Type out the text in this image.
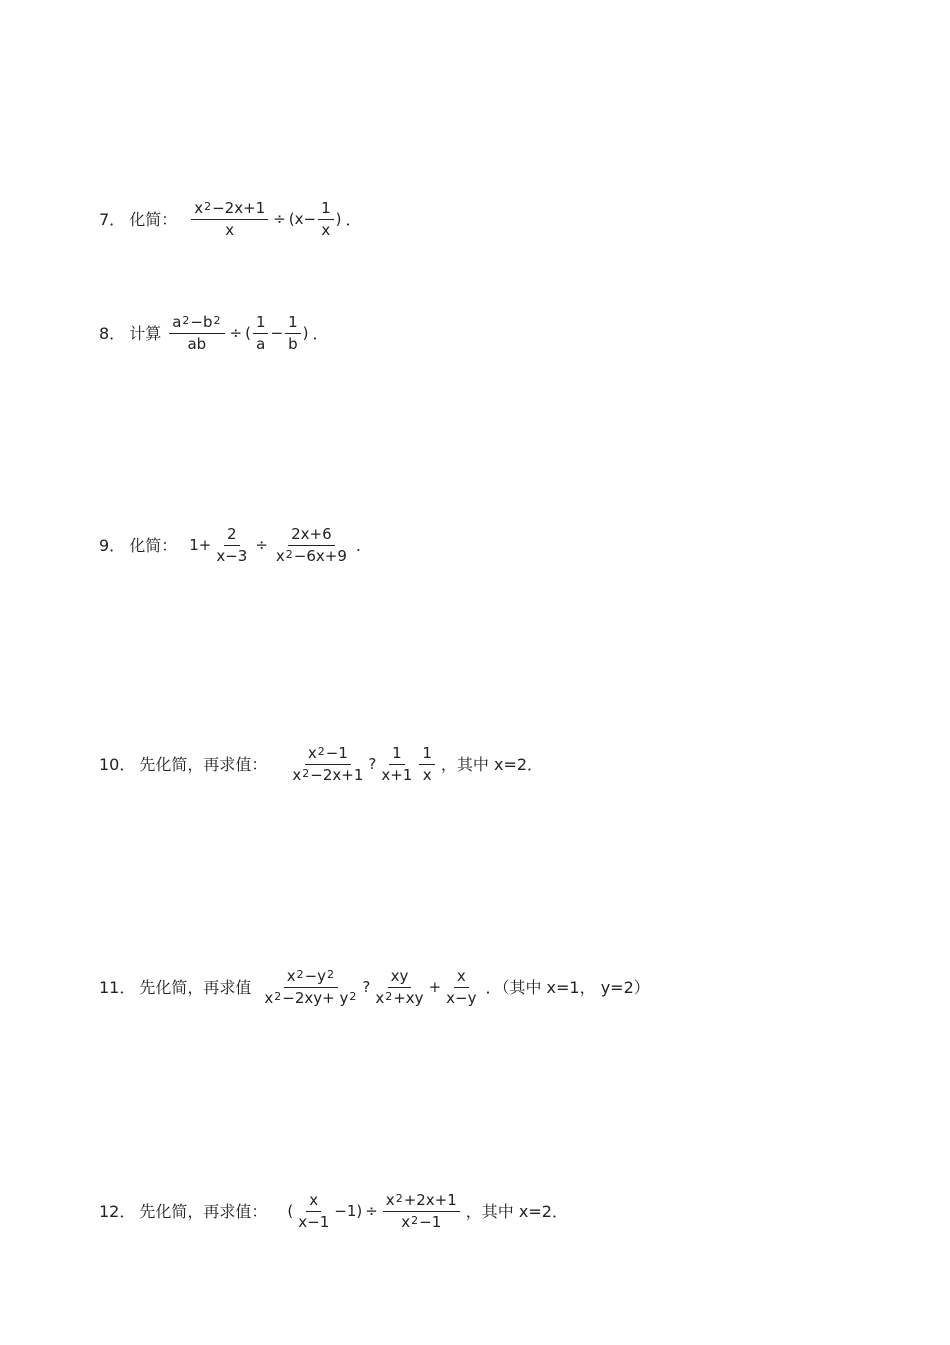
7． 化简： $\frac{x^2-2x+1}{x} \div (x- \frac{1}{x}$ ) ．
8． 计算 $\frac{a^2-b^2}{ab}$ ÷ ( $\frac{1}{a} - \frac{1}{b}$ ) ．
9． 化简： $1+ \frac{2}{x-3} \div \frac{2x+6}{x^2-6x+9}$ .
10． 先化简，再求值： $\frac{x^2-1}{x^2-2x+1}$ ? $\frac{1}{x+1} \frac{1}{x}$ ，其中 x=2．
11． 先化简，再求值 $\frac{x^2-y^2}{x^2-2xy+ y^2}$ ? $\frac{xy}{x^2+xy} + \frac{x}{x-y}$ ．（其中 x=1， y=2）
12． 先化简，再求值： ( $\frac{x}{x-1} -1) \div \frac{x^2+2x+1}{x^2-1}$ ，其中 x=2．
